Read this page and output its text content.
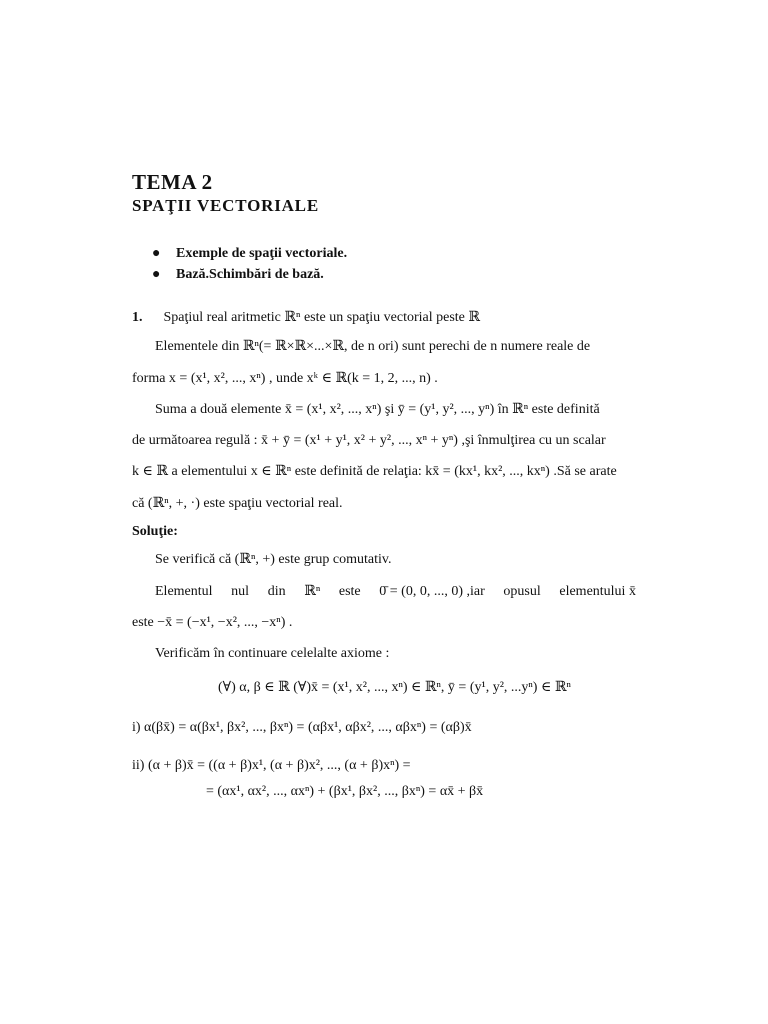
TEMA 2
SPAŢII VECTORIALE
● Exemple de spaţii vectoriale.
● Bază.Schimbări de bază.
1. Spaţiul real aritmetic ℝⁿ este un spaţiu vectorial peste ℝ
Elementele din ℝⁿ(= ℝ×ℝ×...×ℝ, de n ori) sunt perechi de n numere reale de
forma x = (x¹, x², ..., xⁿ) , unde xᵏ ∈ ℝ(k = 1, 2, ..., n) .
Suma a două elemente x̄ = (x¹, x², ..., xⁿ) şi ȳ = (y¹, y², ..., yⁿ) în ℝⁿ este definită
de următoarea regulă : x̄ + ȳ = (x¹ + y¹, x² + y², ..., xⁿ + yⁿ) ,şi înmulţirea cu un scalar
k ∈ ℝ a elementului x ∈ ℝⁿ este definită de relaţia: kx̄ = (kx¹, kx², ..., kxⁿ) .Să se arate
că (ℝⁿ, +, ·) este spaţiu vectorial real.
Soluţie:
Se verifică că (ℝⁿ, +) este grup comutativ.
Elementul nul din ℝⁿ este 0̄ = (0, 0, ..., 0) ,iar opusul elementului x̄
este −x̄ = (−x¹, −x², ..., −xⁿ) .
Verificăm în continuare celelalte axiome :
(∀) α, β ∈ ℝ (∀)x̄ = (x¹, x², ..., xⁿ) ∈ ℝⁿ, ȳ = (y¹, y², ...yⁿ) ∈ ℝⁿ
i) α(βx̄) = α(βx¹, βx², ..., βxⁿ) = (αβx¹, αβx², ..., αβxⁿ) = (αβ)x̄
ii) (α + β)x̄ = ((α + β)x¹, (α + β)x², ..., (α + β)xⁿ) =
= (αx¹, αx², ..., αxⁿ) + (βx¹, βx², ..., βxⁿ) = αx̄ + βx̄
